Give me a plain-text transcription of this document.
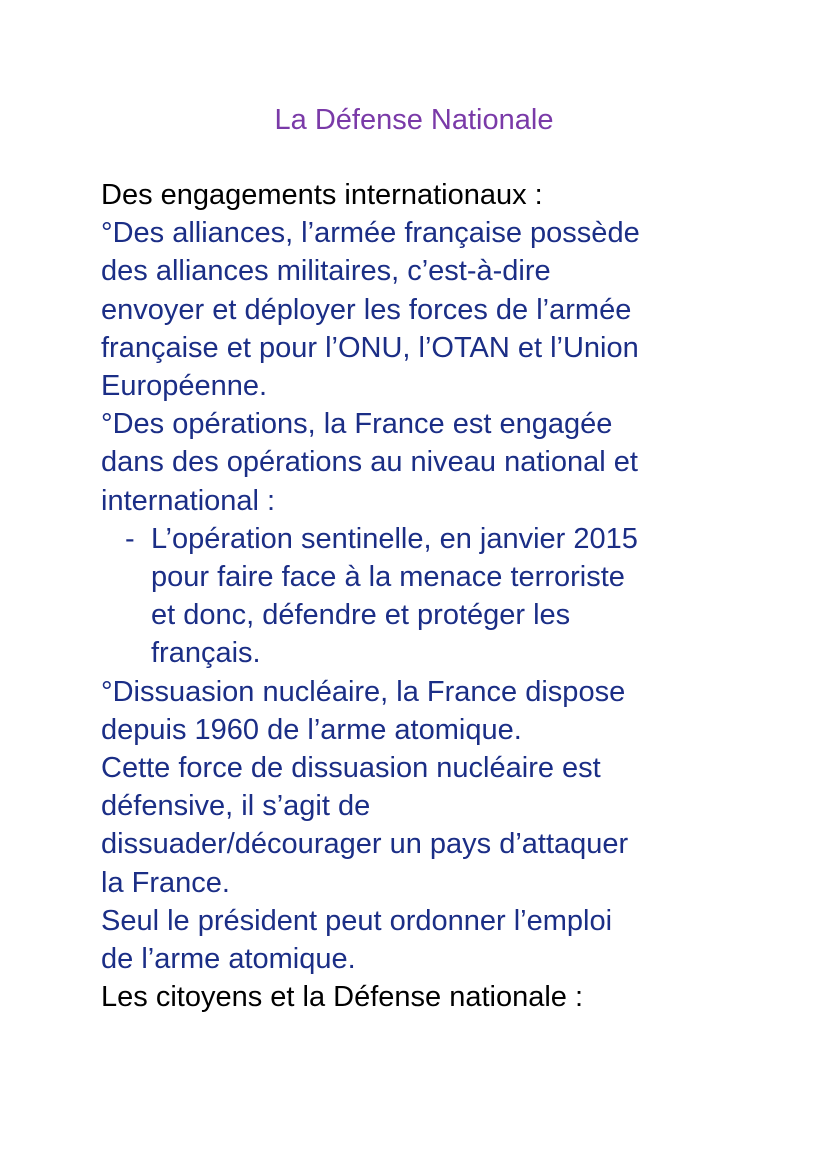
La Défense Nationale
Des engagements internationaux :
°Des alliances, l’armée française possède
des alliances militaires, c’est-à-dire
envoyer et déployer les forces de l’armée
française et pour l’ONU, l’OTAN et l’Union
Européenne.
°Des opérations, la France est engagée
dans des opérations au niveau national et
international :
- L’opération sentinelle, en janvier 2015
pour faire face à la menace terroriste
et donc, défendre et protéger les
français.
°Dissuasion nucléaire, la France dispose
depuis 1960 de l’arme atomique.
Cette force de dissuasion nucléaire est
défensive, il s’agit de
dissuader/décourager un pays d’attaquer
la France.
Seul le président peut ordonner l’emploi
de l’arme atomique.
Les citoyens et la Défense nationale :
